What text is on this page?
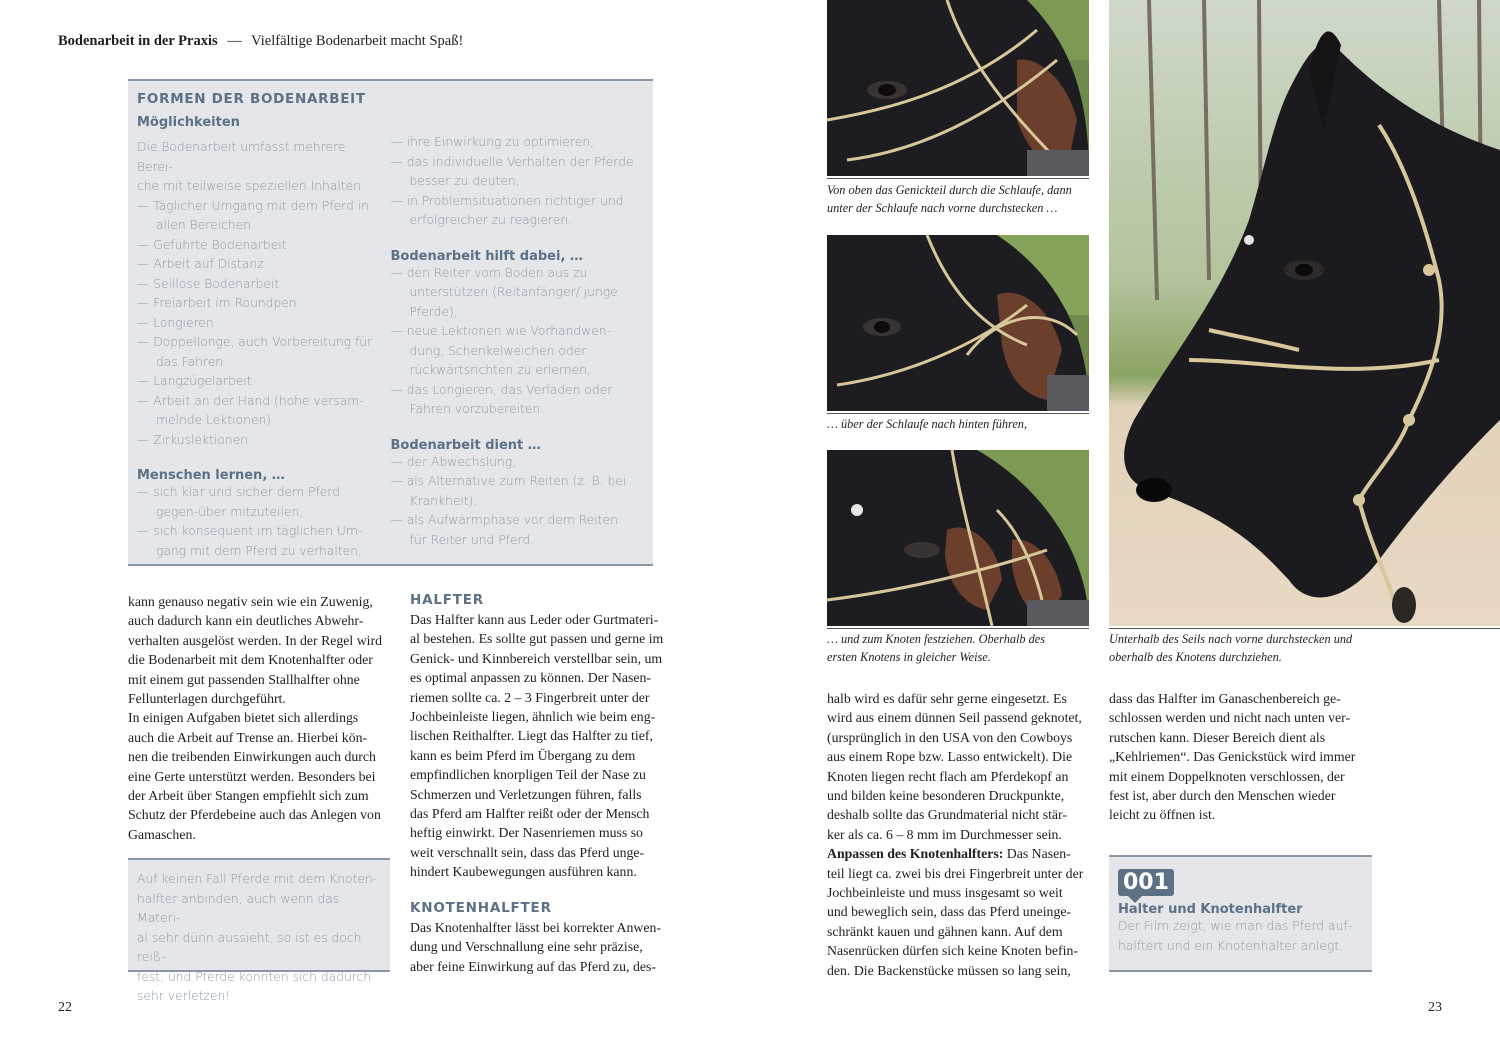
Bodenarbeit in der Praxis — Vielfältige Bodenarbeit macht Spaß!
FORMEN DER BODENARBEIT
Möglichkeiten
Die Bodenarbeit umfasst mehrere Berei-
che mit teilweise speziellen Inhalten.
— Täglicher Umgang mit dem Pferd in allen Bereichen
— Geführte Bodenarbeit
— Arbeit auf Distanz
— Seillose Bodenarbeit
— Freiarbeit im Roundpen
— Longieren
— Doppellonge, auch Vorbereitung für das Fahren
— Langzügelarbeit
— Arbeit an der Hand (hohe versam-melnde Lektionen)
— Zirkuslektionen
Menschen lernen, …
— sich klar und sicher dem Pferd gegen-über mitzuteilen,
— sich konsequent im täglichen Um-gang mit dem Pferd zu verhalten,
— ihre Einwirkung zu optimieren,
— das individuelle Verhalten der Pferde besser zu deuten,
— in Problemsituationen richtiger und erfolgreicher zu reagieren.
Bodenarbeit hilft dabei, …
— den Reiter vom Boden aus zu unterstützen (Reitanfänger/ junge Pferde),
— neue Lektionen wie Vorhandwen-dung, Schenkelweichen oder rückwärtsrichten zu erlernen,
— das Longieren, das Verladen oder Fahren vorzubereiten.
Bodenarbeit dient …
— der Abwechslung,
— als Alternative zum Reiten (z. B. bei Krankheit),
— als Aufwärmphase vor dem Reiten für Reiter und Pferd.
kann genauso negativ sein wie ein Zuwenig,
auch dadurch kann ein deutliches Abwehr-
verhalten ausgelöst werden. In der Regel wird
die Bodenarbeit mit dem Knotenhalfter oder
mit einem gut passenden Stallhalfter ohne
Fellunterlagen durchgeführt.
In einigen Aufgaben bietet sich allerdings
auch die Arbeit auf Trense an. Hierbei kön-
nen die treibenden Einwirkungen auch durch
eine Gerte unterstützt werden. Besonders bei
der Arbeit über Stangen empfiehlt sich zum
Schutz der Pferdebeine auch das Anlegen von
Gamaschen.
Auf keinen Fall Pferde mit dem Knoten-
halfter anbinden, auch wenn das Materi-
al sehr dünn aussieht, so ist es doch reiß-
fest, und Pferde könnten sich dadurch
sehr verletzen!
HALFTER
Das Halfter kann aus Leder oder Gurtmateri-
al bestehen. Es sollte gut passen und gerne im
Genick- und Kinnbereich verstellbar sein, um
es optimal anpassen zu können. Der Nasen-
riemen sollte ca. 2 – 3 Fingerbreit unter der
Jochbeinleiste liegen, ähnlich wie beim eng-
lischen Reithalfter. Liegt das Halfter zu tief,
kann es beim Pferd im Übergang zu dem
empfindlichen knorpligen Teil der Nase zu
Schmerzen und Verletzungen führen, falls
das Pferd am Halfter reißt oder der Mensch
heftig einwirkt. Der Nasenriemen muss so
weit verschnallt sein, dass das Pferd unge-
hindert Kaubewegungen ausführen kann.
KNOTENHALFTER
Das Knotenhalfter lässt bei korrekter Anwen-
dung und Verschnallung eine sehr präzise,
aber feine Einwirkung auf das Pferd zu, des-
Von oben das Genickteil durch die Schlaufe, dann
unter der Schlaufe nach vorne durchstecken …
… über der Schlaufe nach hinten führen,
… und zum Knoten festziehen. Oberhalb des
ersten Knotens in gleicher Weise.
Unterhalb des Seils nach vorne durchstecken und
oberhalb des Knotens durchziehen.
halb wird es dafür sehr gerne eingesetzt. Es
wird aus einem dünnen Seil passend geknotet,
(ursprünglich in den USA von den Cowboys
aus einem Rope bzw. Lasso entwickelt). Die
Knoten liegen recht flach am Pferdekopf an
und bilden keine besonderen Druckpunkte,
deshalb sollte das Grundmaterial nicht stär-
ker als ca. 6 – 8 mm im Durchmesser sein.
Anpassen des Knotenhalfters: Das Nasen-
teil liegt ca. zwei bis drei Fingerbreit unter der
Jochbeinleiste und muss insgesamt so weit
und beweglich sein, dass das Pferd uneinge-
schränkt kauen und gähnen kann. Auf dem
Nasenrücken dürfen sich keine Knoten befin-
den. Die Backenstücke müssen so lang sein,
dass das Halfter im Ganaschenbereich ge-
schlossen werden und nicht nach unten ver-
rutschen kann. Dieser Bereich dient als
„Kehlriemen“. Das Genickstück wird immer
mit einem Doppelknoten verschlossen, der
fest ist, aber durch den Menschen wieder
leicht zu öffnen ist.
001
Halter und Knotenhalfter
Der Film zeigt, wie man das Pferd auf-
halftert und ein Knotenhalter anlegt.
22	23
